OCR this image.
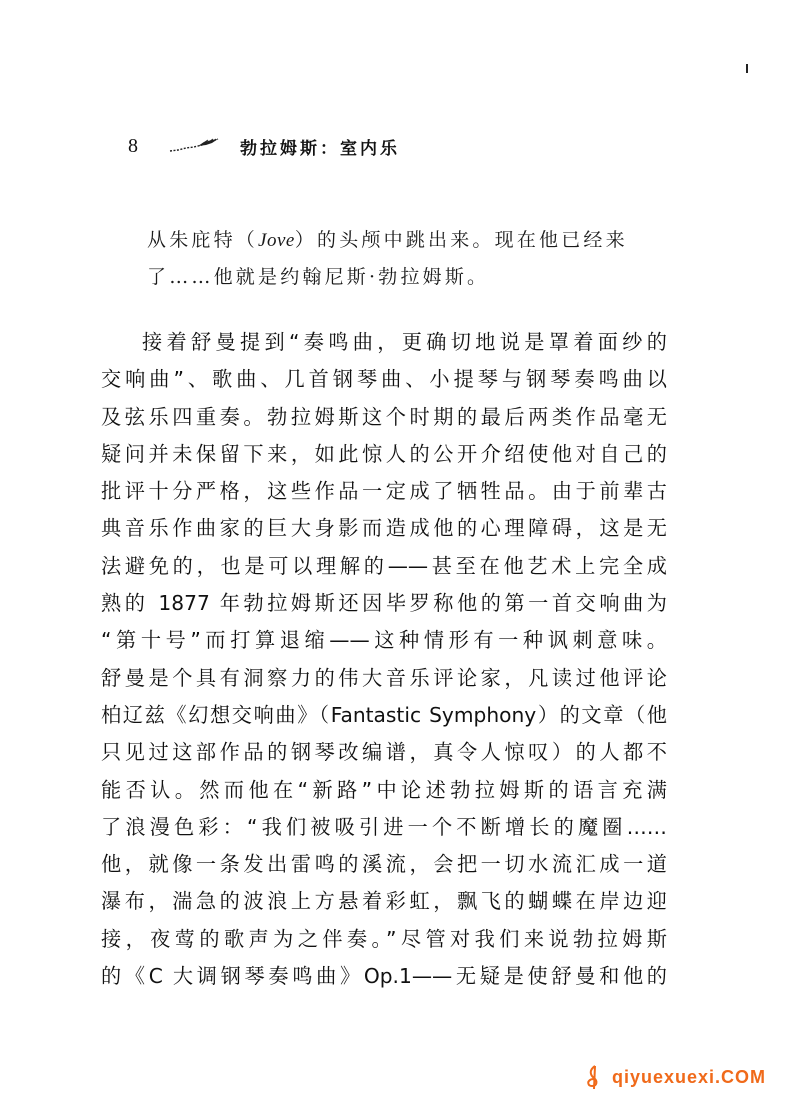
8	勃拉姆斯：室内乐
从朱庇特（Jove）的头颅中跳出来。现在他已经来
了……他就是约翰尼斯·勃拉姆斯。
接着舒曼提到“奏鸣曲，更确切地说是罩着面纱的
交响曲”、歌曲、几首钢琴曲、小提琴与钢琴奏鸣曲以
及弦乐四重奏。勃拉姆斯这个时期的最后两类作品毫无
疑问并未保留下来，如此惊人的公开介绍使他对自己的
批评十分严格，这些作品一定成了牺牲品。由于前辈古
典音乐作曲家的巨大身影而造成他的心理障碍，这是无
法避免的，也是可以理解的——甚至在他艺术上完全成
熟的 1877 年勃拉姆斯还因毕罗称他的第一首交响曲为
“第十号”而打算退缩——这种情形有一种讽刺意味。
舒曼是个具有洞察力的伟大音乐评论家，凡读过他评论
柏辽兹《幻想交响曲》（Fantastic Symphony）的文章（他
只见过这部作品的钢琴改编谱，真令人惊叹）的人都不
能否认。然而他在“新路”中论述勃拉姆斯的语言充满
了浪漫色彩：“我们被吸引进一个不断增长的魔圈……
他，就像一条发出雷鸣的溪流，会把一切水流汇成一道
瀑布，湍急的波浪上方悬着彩虹，飘飞的蝴蝶在岸边迎
接，夜莺的歌声为之伴奏。”尽管对我们来说勃拉姆斯
的《C 大调钢琴奏鸣曲》Op.1——无疑是使舒曼和他的
qiyuexuexi.COM
